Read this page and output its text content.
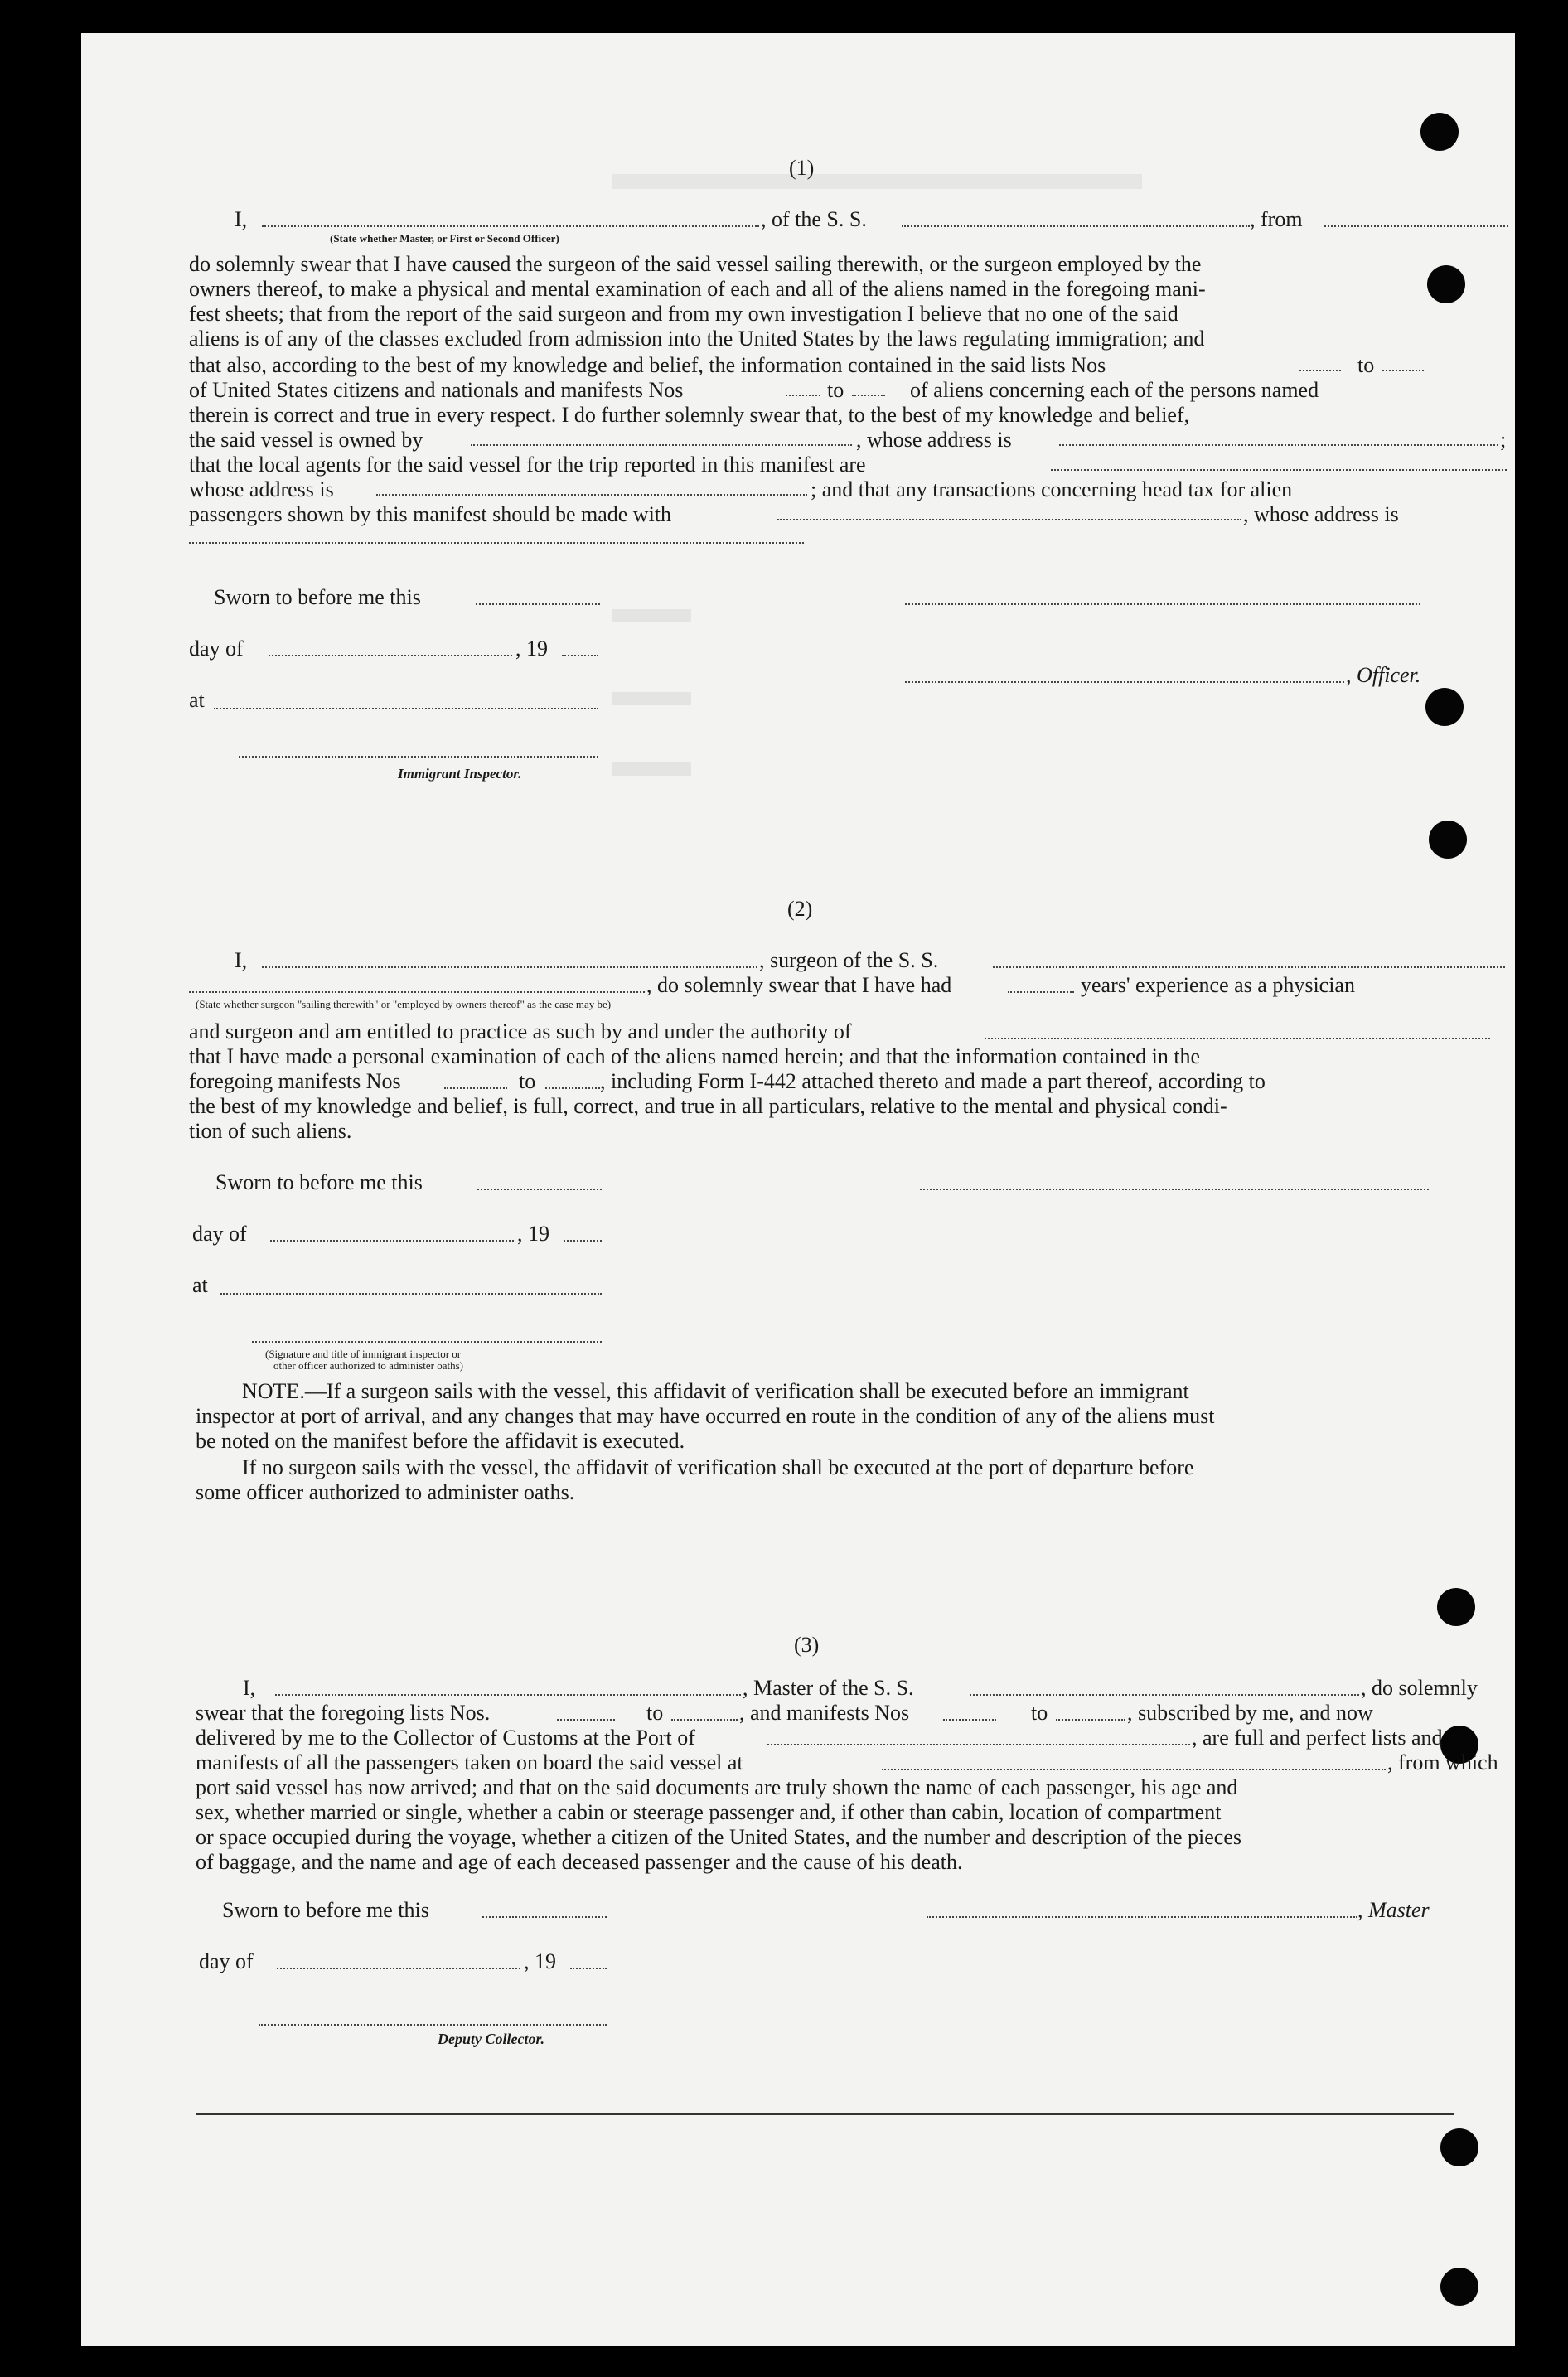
(1)
I,	, of the S. S.	, from
(State whether Master, or First or Second Officer)
do solemnly swear that I have caused the surgeon of the said vessel sailing therewith, or the surgeon employed by the
owners thereof, to make a physical and mental examination of each and all of the aliens named in the foregoing mani-
fest sheets; that from the report of the said surgeon and from my own investigation I believe that no one of the said
aliens is of any of the classes excluded from admission into the United States by the laws regulating immigration; and
that also, according to the best of my knowledge and belief, the information contained in the said lists Nos	to
of United States citizens and nationals and manifests Nos	to	of aliens concerning each of the persons named
therein is correct and true in every respect. I do further solemnly swear that, to the best of my knowledge and belief,
the said vessel is owned by	, whose address is	;
that the local agents for the said vessel for the trip reported in this manifest are
whose address is	; and that any transactions concerning head tax for alien
passengers shown by this manifest should be made with	, whose address is
Sworn to before me this
day of	, 19
, Officer.
at
Immigrant Inspector.
(2)
I,	, surgeon of the S. S.
, do solemnly swear that I have had	years' experience as a physician
(State whether surgeon "sailing therewith" or "employed by owners thereof" as the case may be)
and surgeon and am entitled to practice as such by and under the authority of
that I have made a personal examination of each of the aliens named herein; and that the information contained in the
foregoing manifests Nos	to	, including Form I-442 attached thereto and made a part thereof, according to
the best of my knowledge and belief, is full, correct, and true in all particulars, relative to the mental and physical condi-
tion of such aliens.
Sworn to before me this
day of	, 19
at
(Signature and title of immigrant inspector or
other officer authorized to administer oaths)
NOTE.—If a surgeon sails with the vessel, this affidavit of verification shall be executed before an immigrant
inspector at port of arrival, and any changes that may have occurred en route in the condition of any of the aliens must
be noted on the manifest before the affidavit is executed.
If no surgeon sails with the vessel, the affidavit of verification shall be executed at the port of departure before
some officer authorized to administer oaths.
(3)
I,	, Master of the S. S.	, do solemnly
swear that the foregoing lists Nos.	to	, and manifests Nos	to	, subscribed by me, and now
delivered by me to the Collector of Customs at the Port of	, are full and perfect lists and
manifests of all the passengers taken on board the said vessel at	, from which
port said vessel has now arrived; and that on the said documents are truly shown the name of each passenger, his age and
sex, whether married or single, whether a cabin or steerage passenger and, if other than cabin, location of compartment
or space occupied during the voyage, whether a citizen of the United States, and the number and description of the pieces
of baggage, and the name and age of each deceased passenger and the cause of his death.
Sworn to before me this	, Master
day of	, 19
Deputy Collector.
